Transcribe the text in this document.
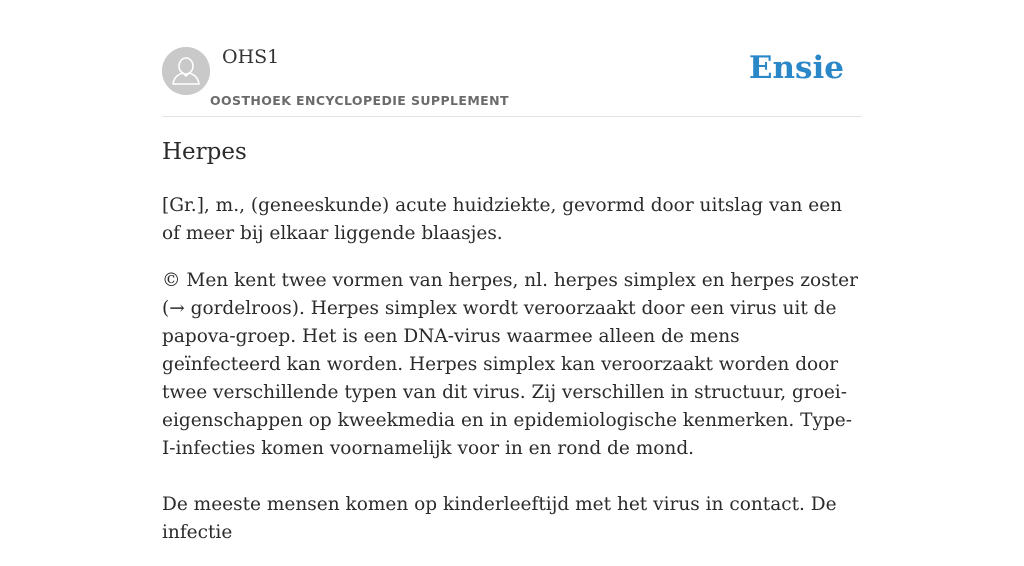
OHS1
OOSTHOEK ENCYCLOPEDIE SUPPLEMENT
Ensie
Herpes

[Gr.], m., (geneeskunde) acute huidziekte, gevormd door uitslag van een of meer bij elkaar liggende blaasjes.

© Men kent twee vormen van herpes, nl. herpes simplex en herpes zoster (→ gordelroos). Herpes simplex wordt veroorzaakt door een virus uit de papova-groep. Het is een DNA-virus waarmee alleen de mens geïnfecteerd kan worden. Herpes simplex kan veroorzaakt worden door twee verschillende typen van dit virus. Zij verschillen in structuur, groei-eigenschappen op kweekmedia en in epidemiologische kenmerken. Type-I-infecties komen voornamelijk voor in en rond de mond.

De meeste mensen komen op kinderleeftijd met het virus in contact. De infectie
